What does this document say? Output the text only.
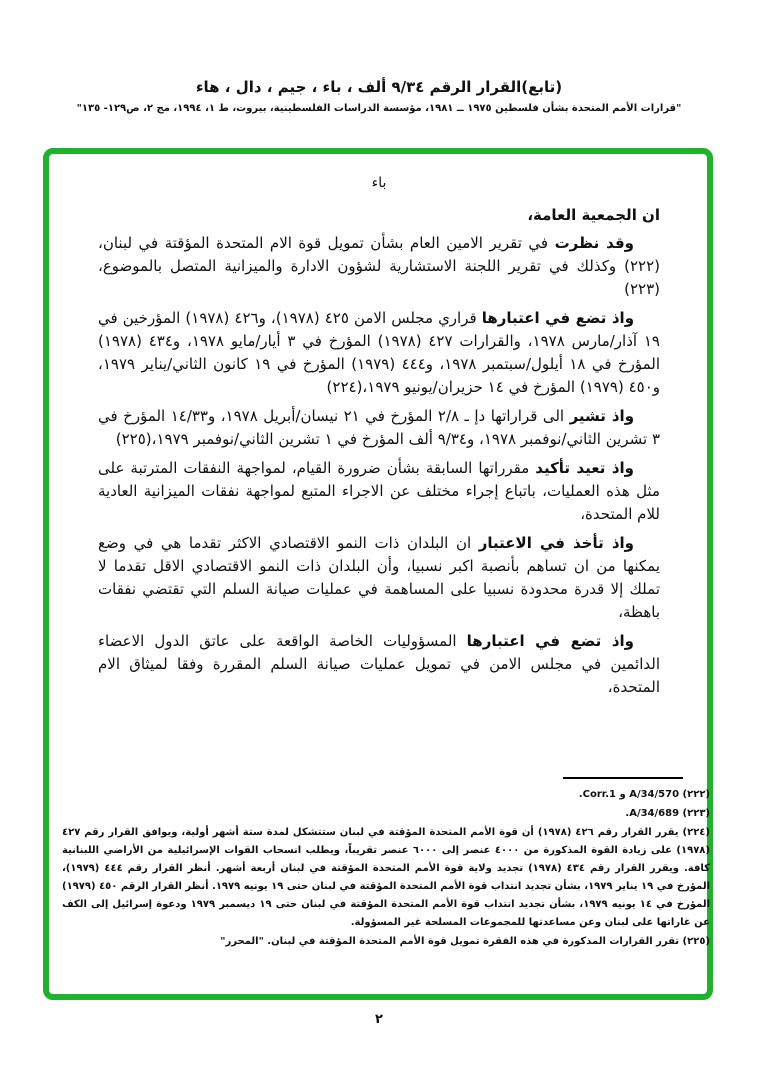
(تابع)القرار الرقم ٩/٣٤ ألف ، باء ، جيم ، دال ، هاء
"قرارات الأمم المتحدة بشأن فلسطين ١٩٧٥ ــ ١٩٨١، مؤسسة الدراسات الفلسطينية، بيروت، ط ١، ١٩٩٤، مج ٢، ص١٢٩- ١٣٥"
باء
ان الجمعية العامة،

وقد نظرت في تقرير الامين العام بشأن تمويل قوة الام المتحدة المؤقتة في لبنان،(٢٢٢) وكذلك في تقرير اللجنة الاستشارية لشؤون الادارة والميزانية المتصل بالموضوع،(٢٢٣)

واذ تضع في اعتبارها قراري مجلس الامن ٤٢٥ (١٩٧٨)، و٤٢٦ (١٩٧٨) المؤرخين في ١٩ آذار/مارس ١٩٧٨، والقرارات ٤٢٧ (١٩٧٨) المؤرخ في ٣ أيار/مايو ١٩٧٨، و٤٣٤ (١٩٧٨) المؤرخ في ١٨ أيلول/سبتمبر ١٩٧٨، و٤٤٤ (١٩٧٩) المؤرخ في ١٩ كانون الثاني/يناير ١٩٧٩، و٤٥٠ (١٩٧٩) المؤرخ في ١٤ حزيران/يونيو ١٩٧٩،(٢٢٤)

واذ تشير الى قراراتها دإ ـ ٢/٨ المؤرخ في ٢١ نيسان/أبريل ١٩٧٨، و١٤/٣٣ المؤرخ في ٣ تشرين الثاني/نوفمبر ١٩٧٨، و٩/٣٤ ألف المؤرخ في ١ تشرين الثاني/نوفمبر ١٩٧٩،(٢٢٥)

واذ تعيد تأكيد مقرراتها السابقة بشأن ضرورة القيام، لمواجهة النفقات المترتبة على مثل هذه العمليات، باتباع إجراء مختلف عن الاجراء المتبع لمواجهة نفقات الميزانية العادية للام المتحدة،

واذ تأخذ في الاعتبار ان البلدان ذات النمو الاقتصادي الاكثر تقدما هي في وضع يمكنها من ان تساهم بأنصبة اكبر نسبيا، وأن البلدان ذات النمو الاقتصادي الاقل تقدما لا تملك إلا قدرة محدودة نسبيا على المساهمة في عمليات صيانة السلم التي تقتضي نفقات باهظة،

واذ تضع في اعتبارها المسؤوليات الخاصة الواقعة على عاتق الدول الاعضاء الدائمين في مجلس الامن في تمويل عمليات صيانة السلم المقررة وفقا لميثاق الام المتحدة،

(٢٢٢) A/34/570 و Corr.1.
(٢٢٣) A/34/689.
(٢٢٤) يقرر القرار رقم ٤٢٦ (١٩٧٨) أن قوة الأمم المتحدة المؤقتة في لبنان ستتشكل لمدة ستة أشهر أولية، ويوافق القرار رقم ٤٢٧ (١٩٧٨) على زيادة القوة المذكورة من ٤٠٠٠ عنصر إلى ٦٠٠٠ عنصر تقريباً، ويطلب انسحاب القوات الإسرائيلية من الأراضي اللبنانية كافة. ويقرر القرار رقم ٤٣٤ (١٩٧٨) تجديد ولاية قوة الأمم المتحدة المؤقتة في لبنان أربعة أشهر. أنظر القرار رقم ٤٤٤ (١٩٧٩)، المؤرخ في ١٩ يناير ١٩٧٩، بشأن تجديد انتداب قوة الأمم المتحدة المؤقتة في لبنان حتى ١٩ يونيه ١٩٧٩. أنظر القرار الرقم ٤٥٠ (١٩٧٩) المؤرخ في ١٤ يونيه ١٩٧٩، بشأن تجديد انتداب قوة الأمم المتحدة المؤقتة في لبنان حتى ١٩ ديسمبر ١٩٧٩ ودعوة إسرائيل إلى الكف عن غاراتها على لبنان وعن مساعدتها للمجموعات المسلحة غير المسؤولة.
(٢٢٥) تقرر القرارات المذكورة في هذه الفقرة تمويل قوة الأمم المتحدة المؤقتة في لبنان. "المحرر"
٢
